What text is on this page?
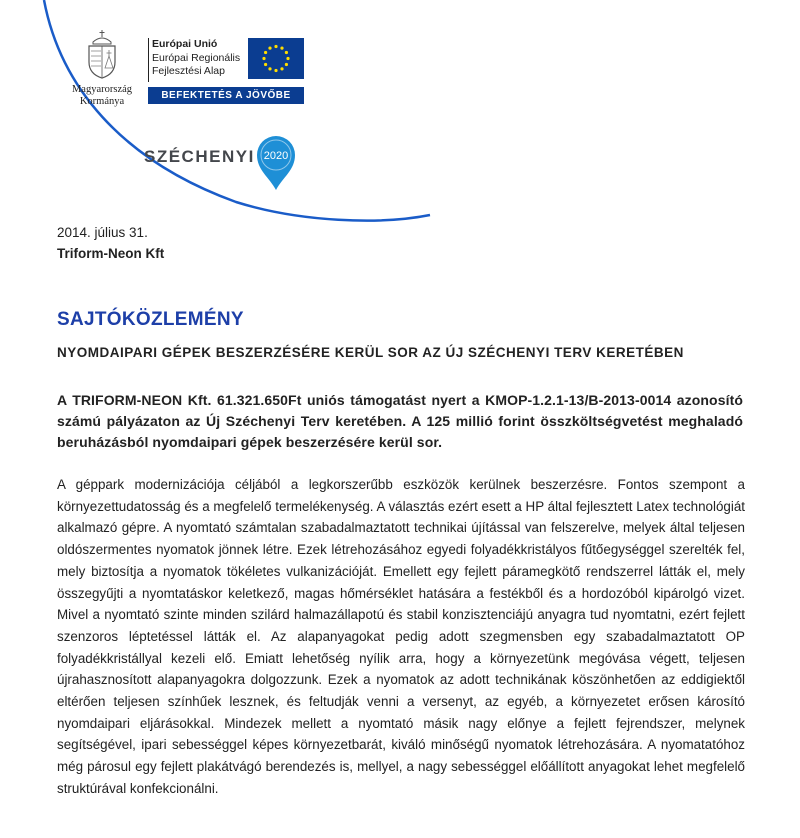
Magyarország
Kormánya
Európai Unió
Európai Regionális
Fejlesztési Alap
BEFEKTETÉS A JÖVŐBE
SZÉCHENYI 2020
2014. július 31.
Triform-Neon Kft
SAJTÓKÖZLEMÉNY
NYOMDAIPARI GÉPEK BESZERZÉSÉRE KERÜL SOR AZ ÚJ SZÉCHENYI TERV KERETÉBEN

A TRIFORM-NEON Kft. 61.321.650Ft uniós támogatást nyert a KMOP-1.2.1-13/B-2013-0014 azonosító számú pályázaton az Új Széchenyi Terv keretében. A 125 millió forint összköltségvetést meghaladó beruházásból nyomdaipari gépek beszerzésére kerül sor.

A géppark modernizációja céljából a legkorszerűbb eszközök kerülnek beszerzésre. Fontos szempont a környezettudatosság és a megfelelő termelékenység. A választás ezért esett a HP által fejlesztett Latex technológiát alkalmazó gépre. A nyomtató számtalan szabadalmaztatott technikai újítással van felszerelve, melyek által teljesen oldószermentes nyomatok jönnek létre. Ezek létrehozásához egyedi folyadékkristályos fűtőegységgel szerelték fel, mely biztosítja a nyomatok tökéletes vulkanizációját. Emellett egy fejlett páramegkötő rendszerrel látták el, mely összegyűjti a nyomtatáskor keletkező, magas hőmérséklet hatására a festékből és a hordozóból kipárolgó vizet. Mivel a nyomtató szinte minden szilárd halmazállapotú és stabil konzisztenciájú anyagra tud nyomtatni, ezért fejlett szenzoros léptetéssel látták el. Az alapanyagokat pedig adott szegmensben egy szabadalmaztatott OP folyadékkristállyal kezeli elő. Emiatt lehetőség nyílik arra, hogy a környezetünk megóvása végett, teljesen újrahasznosított alapanyagokra dolgozzunk. Ezek a nyomatok az adott technikának köszönhetően az eddigiektől eltérően teljesen színhűek lesznek, és feltudják venni a versenyt, az egyéb, a környezetet erősen károsító nyomdaipari eljárásokkal. Mindezek mellett a nyomtató másik nagy előnye a fejlett fejrendszer, melynek segítségével, ipari sebességgel képes környezetbarát, kiváló minőségű nyomatok létrehozására. A nyomatatóhoz még párosul egy fejlett plakátvágó berendezés is, mellyel, a nagy sebességgel előállított anyagokat lehet megfelelő struktúrával konfekcionálni.
